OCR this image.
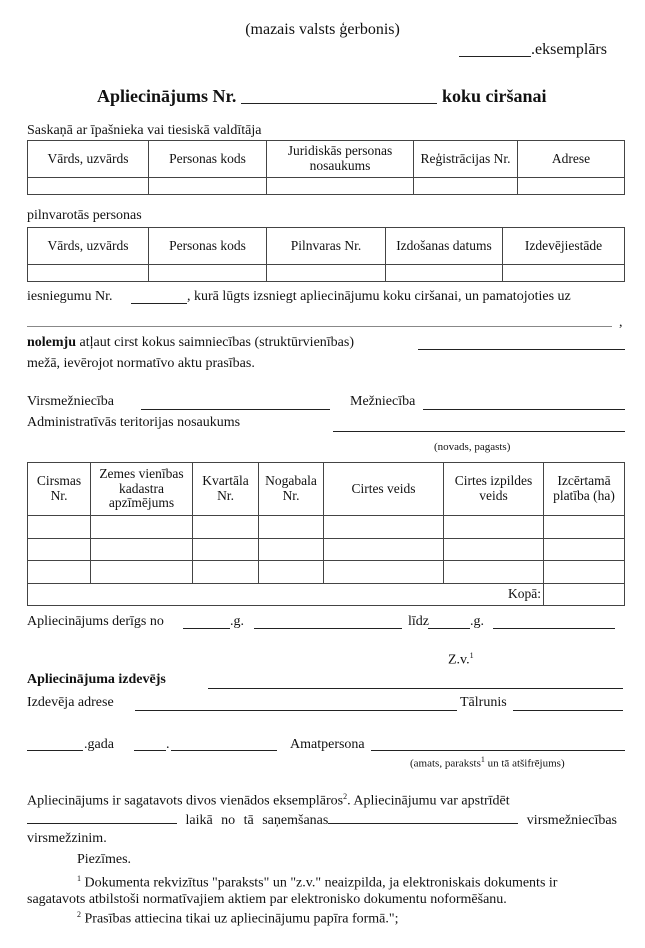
(mazais valsts ģerbonis)
.eksemplārs
Apliecinājums Nr.	koku ciršanai
Saskaņā ar īpašnieka vai tiesiskā valdītāja
Vārds, uzvārds	Personas kods	Juridiskās personas nosaukums	Reģistrācijas Nr.	Adrese

pilnvarotās personas
Vārds, uzvārds	Personas kods	Pilnvaras Nr.	Izdošanas datums	Izdevējiestāde

iesniegumu Nr.	, kurā lūgts izsniegt apliecinājumu koku ciršanai, un pamatojoties uz
,
nolemju atļaut cirst kokus saimniecības (struktūrvienības)
mežā, ievērojot normatīvo aktu prasības.
Virsmežniecība	Mežniecība
Administratīvās teritorijas nosaukums
(novads, pagasts)
Cirsmas Nr.	Zemes vienības kadastra apzīmējums	Kvartāla Nr.	Nogabala Nr.	Cirtes veids	Cirtes izpildes veids	Izcērtamā platība (ha)

Kopā:						
Apliecinājums derīgs no	.g.	līdz	.g.
Z.v.$^1$
Apliecinājuma izdevējs
Izdevēja adrese	Tālrunis
.gada	.	Amatpersona
(amats, paraksts$^1$ un tā atšifrējums)
Apliecinājums ir sagatavots divos vienādos eksemplāros$^2$. Apliecinājumu var apstrīdēt
laikā no tā saņemšanas	virsmežniecības virsmežzinim.
Piezīmes.
$^1$ Dokumenta rekvizītus "paraksts" un "z.v." neaizpilda, ja elektroniskais dokuments ir
sagatavots atbilstoši normatīvajiem aktiem par elektronisko dokumentu noformēšanu.
$^2$ Prasības attiecina tikai uz apliecinājumu papīra formā.";
